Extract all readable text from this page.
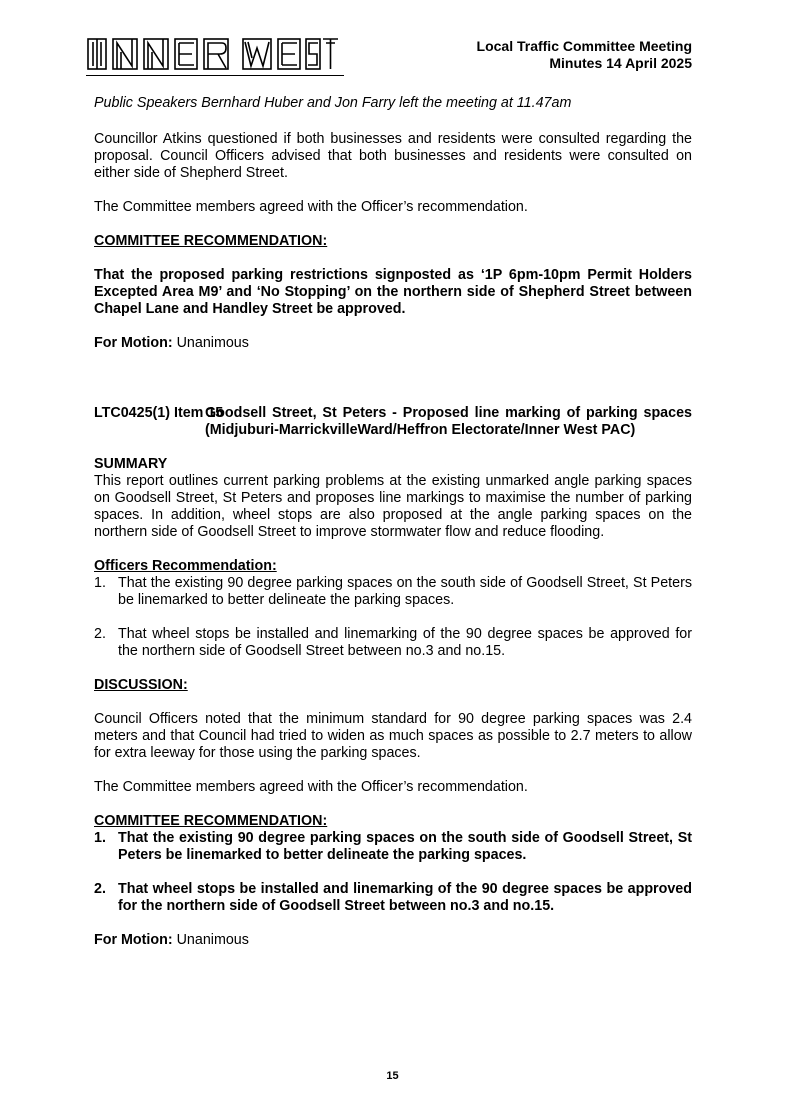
Local Traffic Committee Meeting
Minutes 14 April 2025

Public Speakers Bernhard Huber and Jon Farry left the meeting at 11.47am

Councillor Atkins questioned if both businesses and residents were consulted regarding the proposal. Council Officers advised that both businesses and residents were consulted on either side of Shepherd Street.

The Committee members agreed with the Officer’s recommendation.

COMMITTEE RECOMMENDATION:

That the proposed parking restrictions signposted as ‘1P 6pm-10pm Permit Holders Excepted Area M9’ and ‘No Stopping’ on the northern side of Shepherd Street between Chapel Lane and Handley Street be approved.

For Motion: Unanimous

LTC0425(1) Item 15
Goodsell Street, St Peters - Proposed line marking of parking spaces (Midjuburi-MarrickvilleWard/Heffron Electorate/Inner West PAC)

SUMMARY

This report outlines current parking problems at the existing unmarked angle parking spaces on Goodsell Street, St Peters and proposes line markings to maximise the number of parking spaces. In addition, wheel stops are also proposed at the angle parking spaces on the northern side of Goodsell Street to improve stormwater flow and reduce flooding.

Officers Recommendation:

1. That the existing 90 degree parking spaces on the south side of Goodsell Street, St Peters be linemarked to better delineate the parking spaces.
2. That wheel stops be installed and linemarking of the 90 degree spaces be approved for the northern side of Goodsell Street between no.3 and no.15.

DISCUSSION:

Council Officers noted that the minimum standard for 90 degree parking spaces was 2.4 meters and that Council had tried to widen as much spaces as possible to 2.7 meters to allow for extra leeway for those using the parking spaces.

The Committee members agreed with the Officer’s recommendation.

COMMITTEE RECOMMENDATION:

1. That the existing 90 degree parking spaces on the south side of Goodsell Street, St Peters be linemarked to better delineate the parking spaces.
2. That wheel stops be installed and linemarking of the 90 degree spaces be approved for the northern side of Goodsell Street between no.3 and no.15.

For Motion: Unanimous

15
